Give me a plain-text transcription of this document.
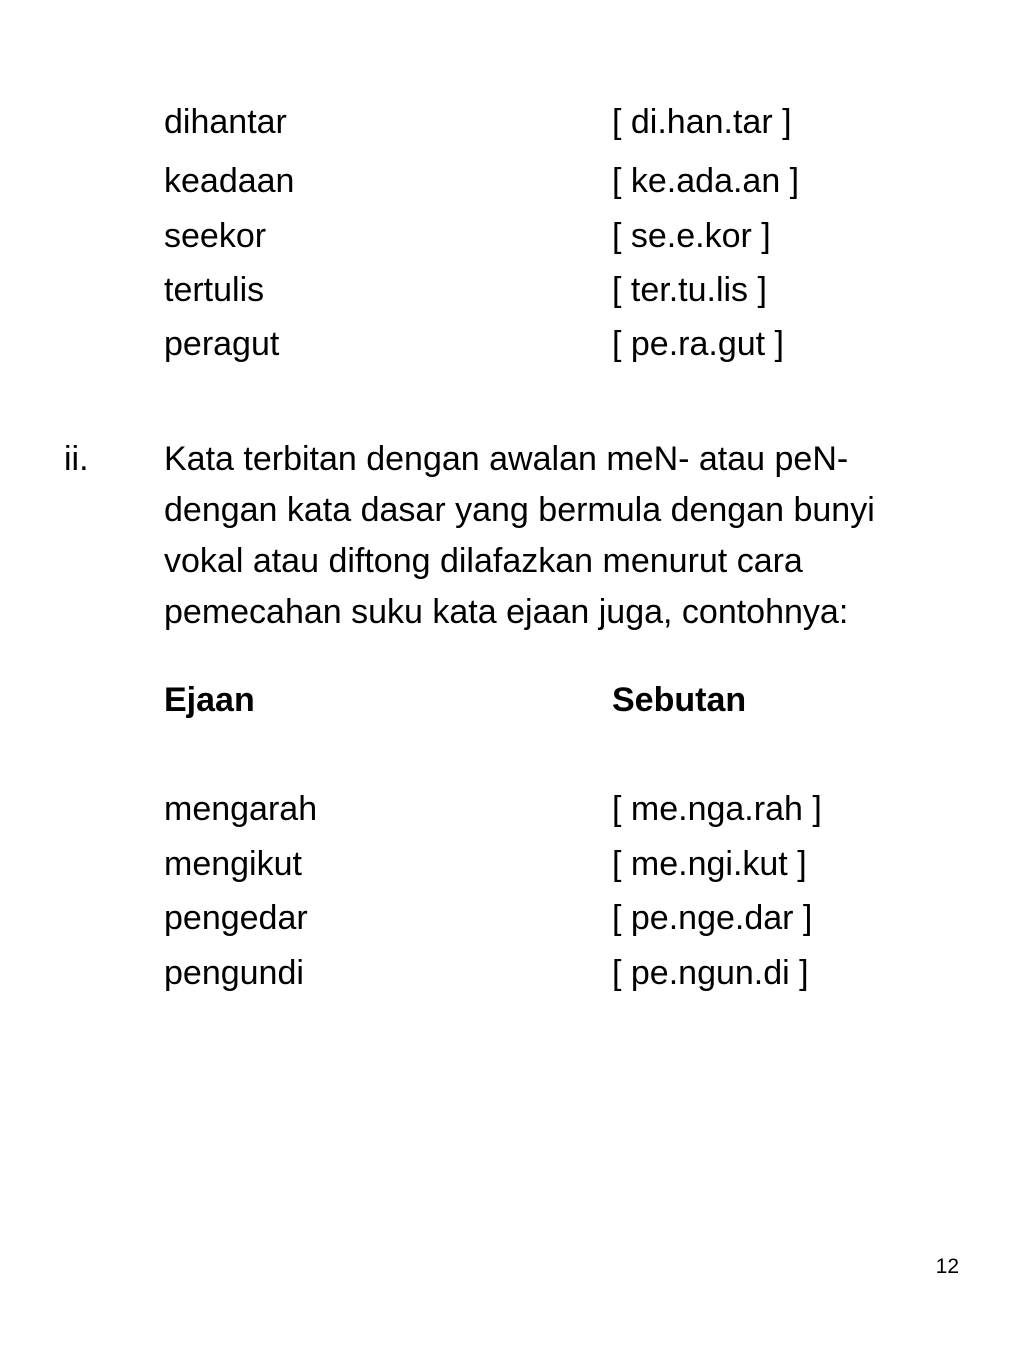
dihantar	[ di.han.tar ]
keadaan	[ ke.ada.an ]
seekor	[ se.e.kor ]
tertulis	[ ter.tu.lis ]
peragut	[ pe.ra.gut ]
ii. Kata terbitan dengan awalan meN- atau peN-
dengan kata dasar yang bermula dengan bunyi
vokal atau diftong dilafazkan menurut cara
pemecahan suku kata ejaan juga, contohnya:
Ejaan	Sebutan
mengarah	[ me.nga.rah ]
mengikut	[ me.ngi.kut ]
pengedar	[ pe.nge.dar ]
pengundi	[ pe.ngun.di ]
12
